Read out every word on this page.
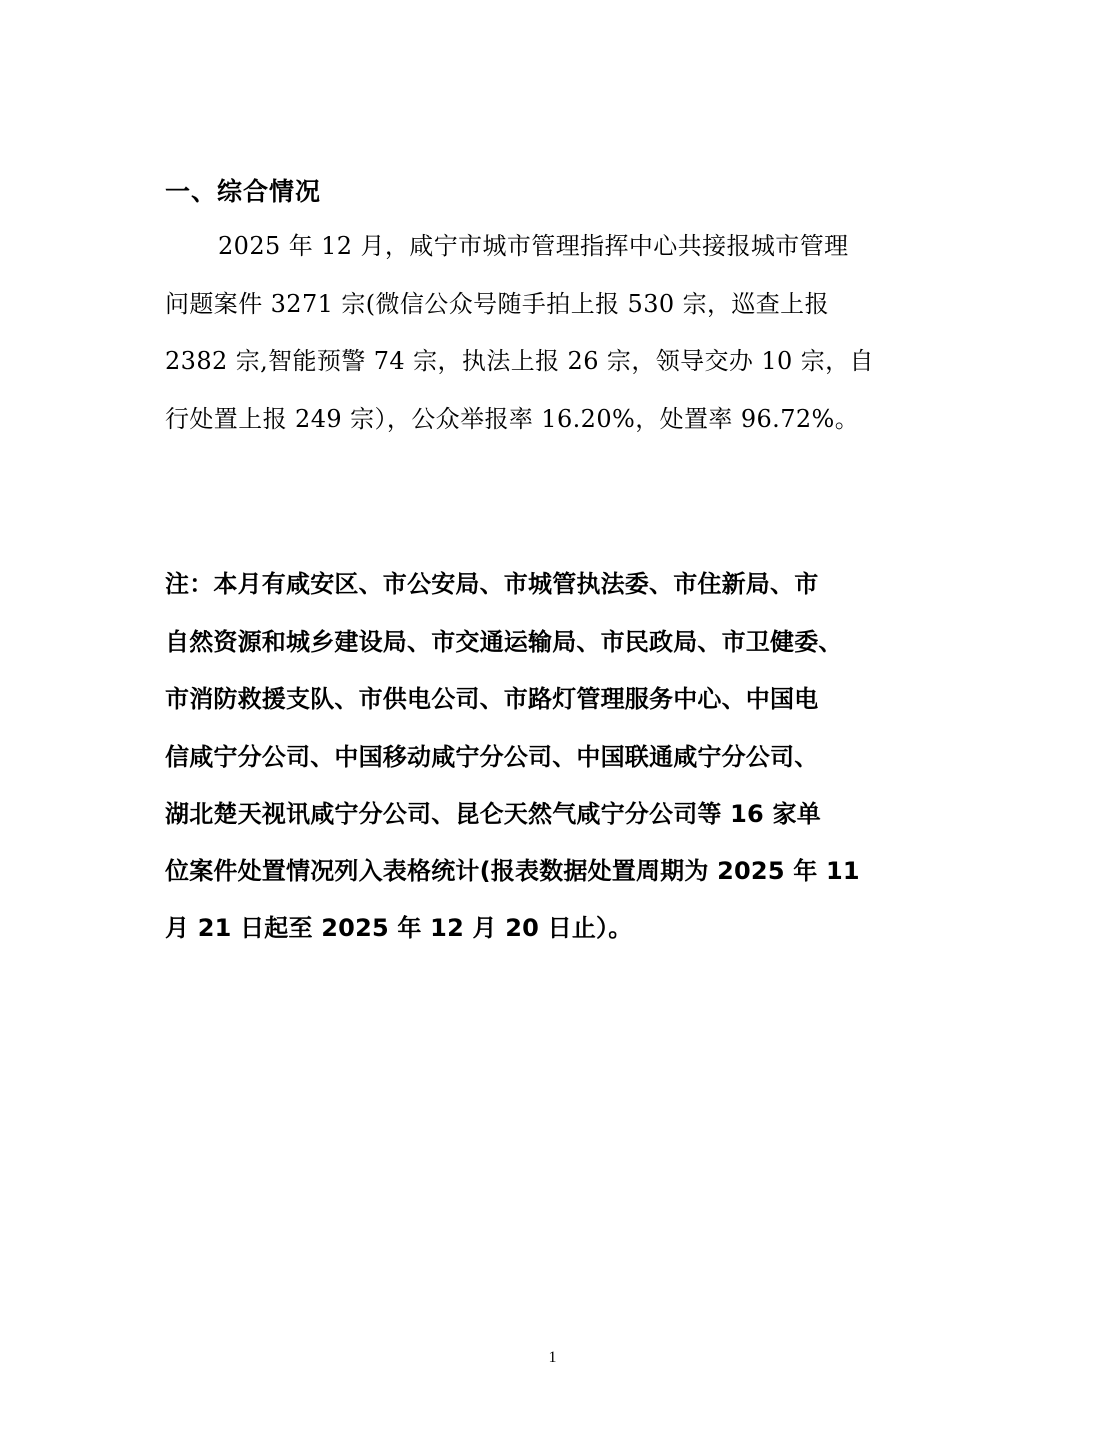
一、综合情况
2025 年 12 月，咸宁市城市管理指挥中心共接报城市管理
问题案件 3271 宗(微信公众号随手拍上报 530 宗，巡查上报
2382 宗,智能预警 74 宗，执法上报 26 宗，领导交办 10 宗，自
行处置上报 249 宗），公众举报率 16.20%，处置率 96.72%。
注：本月有咸安区、市公安局、市城管执法委、市住新局、市
自然资源和城乡建设局、市交通运输局、市民政局、市卫健委、
市消防救援支队、市供电公司、市路灯管理服务中心、中国电
信咸宁分公司、中国移动咸宁分公司、中国联通咸宁分公司、
湖北楚天视讯咸宁分公司、昆仑天然气咸宁分公司等 16 家单
位案件处置情况列入表格统计(报表数据处置周期为 2025 年 11
月 21 日起至 2025 年 12 月 20 日止）。
1
